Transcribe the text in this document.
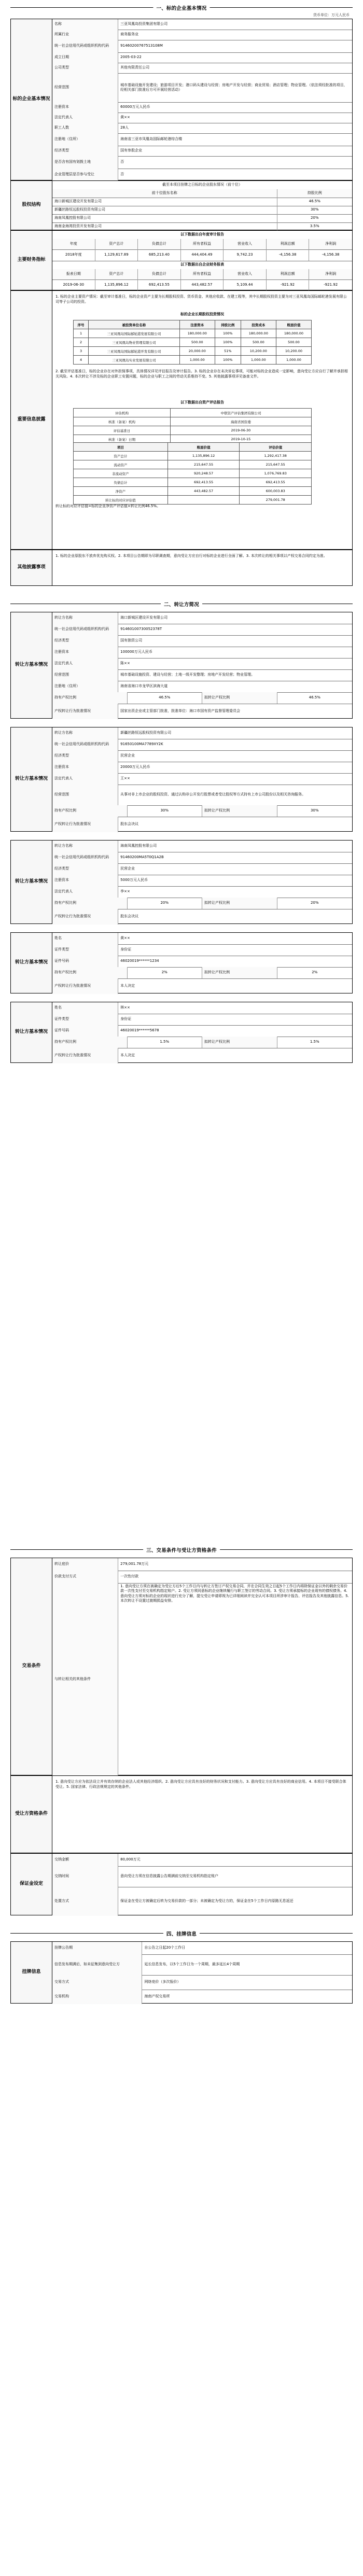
一、标的企业基本情况
货币单位：万元人民币
标的企业基本情况
名称	三亚凤凰岛投资集团有限公司
所属行业	商务服务业
统一社会信用代码或组织机构代码	91460200767513108M
成立日期	2005-03-22
公司类型	其他有限责任公司
经营范围
城市基础设施开发建设；旅游项目开发；港口码头建设与经营；房地产开发与经营；商业贸易；酒店管理；物业管理。（依法须经批准的项目，经相关部门批准后方可开展经营活动）
注册资本	60000万元人民币
法定代表人	黄××
职工人数	28人
注册地（住所）	海南省三亚市凤凰岛国际邮轮港综合楼
经济类型	国有参股企业
是否含有国有划拨土地	否
企业管理层是否参与受让	否
股权结构
截至本项目挂牌之日标的企业股东情况（前十位）
前十位股东名称	持股比例
海口新城区建设开发有限公司	46.5%
新疆丝路恒远股权投资有限公司	30%
海南凤凰控股有限公司	20%
海南金海湾投资开发有限公司	3.5%
主要财务指标
以下数据出自年度审计报告
年度	资产总计	负债总计	所有者权益	营业收入	利润总额	净利润
2018年度	1,129,617.89	685,213.40	444,404.49	9,742.23	-4,156.38	-4,156.38
以下数据出自企业财务报表
报表日期	资产总计	负债总计	所有者权益	营业收入	利润总额	净利润
2019-06-30	1,135,896.12	692,413.55	443,482.57	5,109.44	-921.92	-921.92
重要信息披露
1. 标的企业主要资产情况：截至审计基准日，标的企业资产主要为长期股权投资、货币资金、其他应收款、在建工程等，其中长期股权投资主要为对三亚凤凰岛国际邮轮港发展有限公司等子公司的投资。
标的企业长期股权投资情况
序号	被投资单位名称	注册资本	持股比例	投资成本	账面价值
1	三亚凤凰岛国际邮轮港发展有限公司	180,000.00	100%	180,000.00	180,000.00
2	三亚凤凰岛物业管理有限公司	500.00	100%	500.00	500.00
3	三亚凤凰岛国际邮轮港开发有限公司	20,000.00	51%	10,200.00	10,200.00
4	三亚凤凰岛实业发展有限公司	1,000.00	100%	1,000.00	1,000.00
2. 截至评估基准日，标的企业存在对外担保事项，具体情况详见评估报告及审计报告。3. 标的企业存在未决诉讼事项，可能对标的企业造成一定影响，意向受让方应自行了解并承担相关风险。4. 本次转让不涉及标的企业职工安置问题，标的企业与职工之间的劳动关系维持不变。5. 其他披露事项详见备查文件。
以下数据出自资产评估报告
评估机构	中联资产评估集团有限公司
核准（备案）机构	海南省国资委
评估基准日	2019-06-30
核准（备案）日期	2019-10-15
项目	账面价值	评估价值
资产总计	1,135,896.12	1,292,417.38
流动资产	215,647.55	215,647.55
非流动资产	920,248.57	1,076,769.83
负债总计	692,413.55	692,413.55
净资产	443,482.57	600,003.83
转让标的对应评估值		279,001.78
转让标的对应评估值=标的企业净资产评估值×转让比例46.5%。
其他披露事项
1. 标的企业原股东不放弃优先购买权。2. 本项目公告期即为尽职调查期，意向受让方应自行对标的企业进行全面了解。3. 本次转让的相关事项以产权交易合同约定为准。
二、转让方简况
转让方基本情况
转让方名称	海口新城区建设开发有限公司
统一社会信用代码或组织机构代码	91460100730052378T
经济类型	国有独资公司
注册资本	100000万元人民币
法定代表人	陈××
经营范围	城市基础设施投资、建设与经营；土地一级开发整理；房地产开发经营；物业管理。
注册地（住所）	海南省海口市龙华区滨海大道
持有产权比例	46.5%	拟转让产权比例	46.5%
产权转让行为批准情况	国家出资企业或主管部门批准，批准单位：海口市国有资产监督管理委员会
转让方基本情况
转让方名称	新疆丝路恒远股权投资有限公司
统一社会信用代码或组织机构代码	91650100MA7789XY2K
经济类型	民营企业
注册资本	20000万元人民币
法定代表人	王××
经营范围	从事对非上市企业的股权投资、通过认购非公开发行股票或者受让股权等方式持有上市公司股份以及相关咨询服务。
持有产权比例	30%	拟转让产权比例	30%
产权转让行为批准情况	股东会决议
转让方基本情况
转让方名称	海南凤凰控股有限公司
统一社会信用代码或组织机构代码	91460200MA5T0Q1A2B
经济类型	民营企业
注册资本	5000万元人民币
法定代表人	李××
持有产权比例	20%	拟转让产权比例	20%
产权转让行为批准情况	股东会决议
转让方基本情况
姓名	黄××
证件类型	身份证
证件号码	46020019******1234
持有产权比例	2%	拟转让产权比例	2%
产权转让行为批准情况	本人决定
转让方基本情况
姓名	林××
证件类型	身份证
证件号码	46020019******5678
持有产权比例	1.5%	拟转让产权比例	1.5%
产权转让行为批准情况	本人决定
三、交易条件与受让方资格条件
交易条件
转让底价	279,001.78万元
价款支付方式	一次性付款
与转让相关的其他条件
1. 意向受让方须在被确定为受让方后5个工作日内与转让方签订产权交易合同，并在合同生效之日起5个工作日内将除保证金以外的剩余交易价款一次性支付至交易机构指定账户。2. 受让方须同意标的企业继续履行与职工签订的劳动合同。3. 受让方须承接标的企业现有的债权债务。4. 意向受让方须对标的企业的现状进行充分了解，提交受让申请即视为已详细阅读并完全认可本项目所涉审计报告、评估报告及其他披露信息。5. 本次转让不设置过渡期损益安排。
受让方资格条件
1. 意向受让方应为依法设立并有效存续的企业法人或其他经济组织。2. 意向受让方应具有良好的财务状况和支付能力。3. 意向受让方应具有良好的商业信用。4. 本项目不接受联合体受让。5. 国家法律、行政法规规定的其他条件。
保证金设定
交纳金额	80,000万元
交纳时间	意向受让方须在信息披露公告期满前交纳至交易机构指定账户
处置方式	保证金在受让方被确定后转为交易价款的一部分；未被确定为受让方的，保证金在5个工作日内原路无息返还
四、挂牌信息
挂牌信息
挂牌公告期	自公告之日起20个工作日
信息发布期满后，如未征集到意向受让方	延长信息发布，以5个工作日为一个周期，最多延长4个周期
交易方式	网络竞价（多次报价）
交易机构	海南产权交易所
